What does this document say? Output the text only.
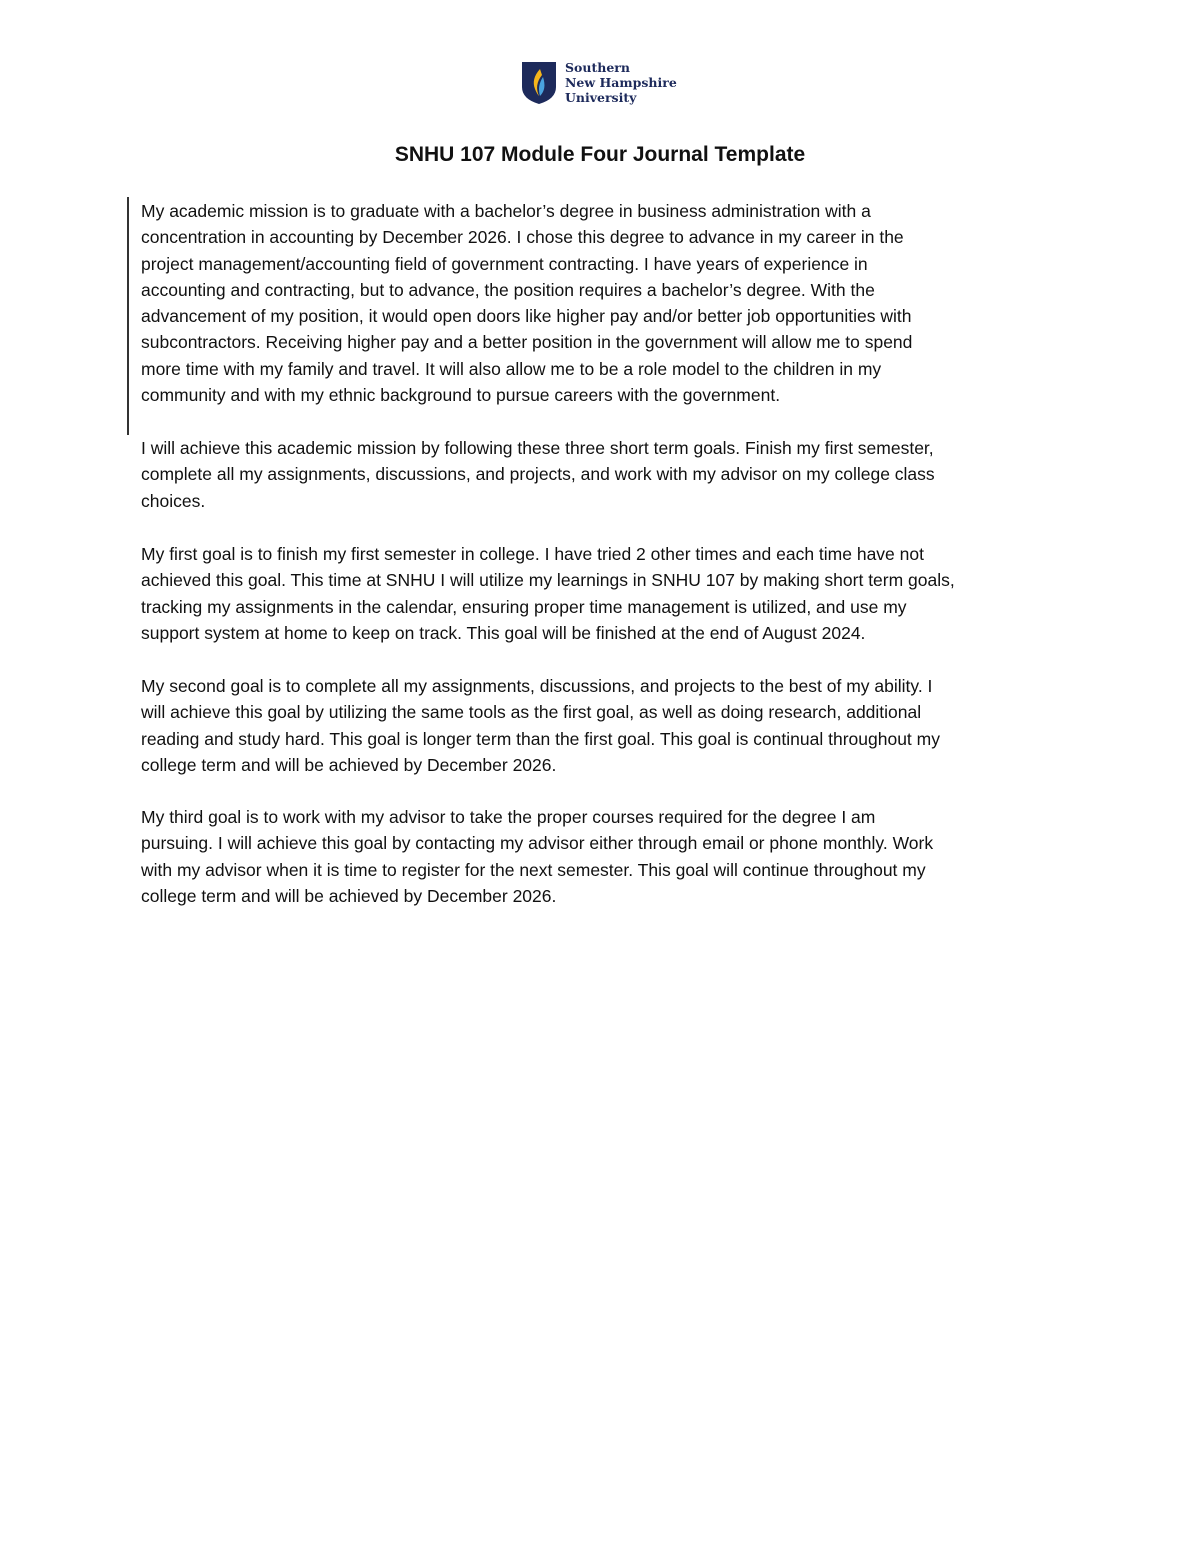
Southern
New Hampshire
University
SNHU 107 Module Four Journal Template
My academic mission is to graduate with a bachelor’s degree in business administration with a
concentration in accounting by December 2026. I chose this degree to advance in my career in the
project management/accounting field of government contracting. I have years of experience in
accounting and contracting, but to advance, the position requires a bachelor’s degree. With the
advancement of my position, it would open doors like higher pay and/or better job opportunities with
subcontractors. Receiving higher pay and a better position in the government will allow me to spend
more time with my family and travel. It will also allow me to be a role model to the children in my
community and with my ethnic background to pursue careers with the government.
I will achieve this academic mission by following these three short term goals. Finish my first semester,
complete all my assignments, discussions, and projects, and work with my advisor on my college class
choices.
My first goal is to finish my first semester in college. I have tried 2 other times and each time have not
achieved this goal. This time at SNHU I will utilize my learnings in SNHU 107 by making short term goals,
tracking my assignments in the calendar, ensuring proper time management is utilized, and use my
support system at home to keep on track. This goal will be finished at the end of August 2024.
My second goal is to complete all my assignments, discussions, and projects to the best of my ability. I
will achieve this goal by utilizing the same tools as the first goal, as well as doing research, additional
reading and study hard. This goal is longer term than the first goal. This goal is continual throughout my
college term and will be achieved by December 2026.
My third goal is to work with my advisor to take the proper courses required for the degree I am
pursuing. I will achieve this goal by contacting my advisor either through email or phone monthly. Work
with my advisor when it is time to register for the next semester. This goal will continue throughout my
college term and will be achieved by December 2026.
